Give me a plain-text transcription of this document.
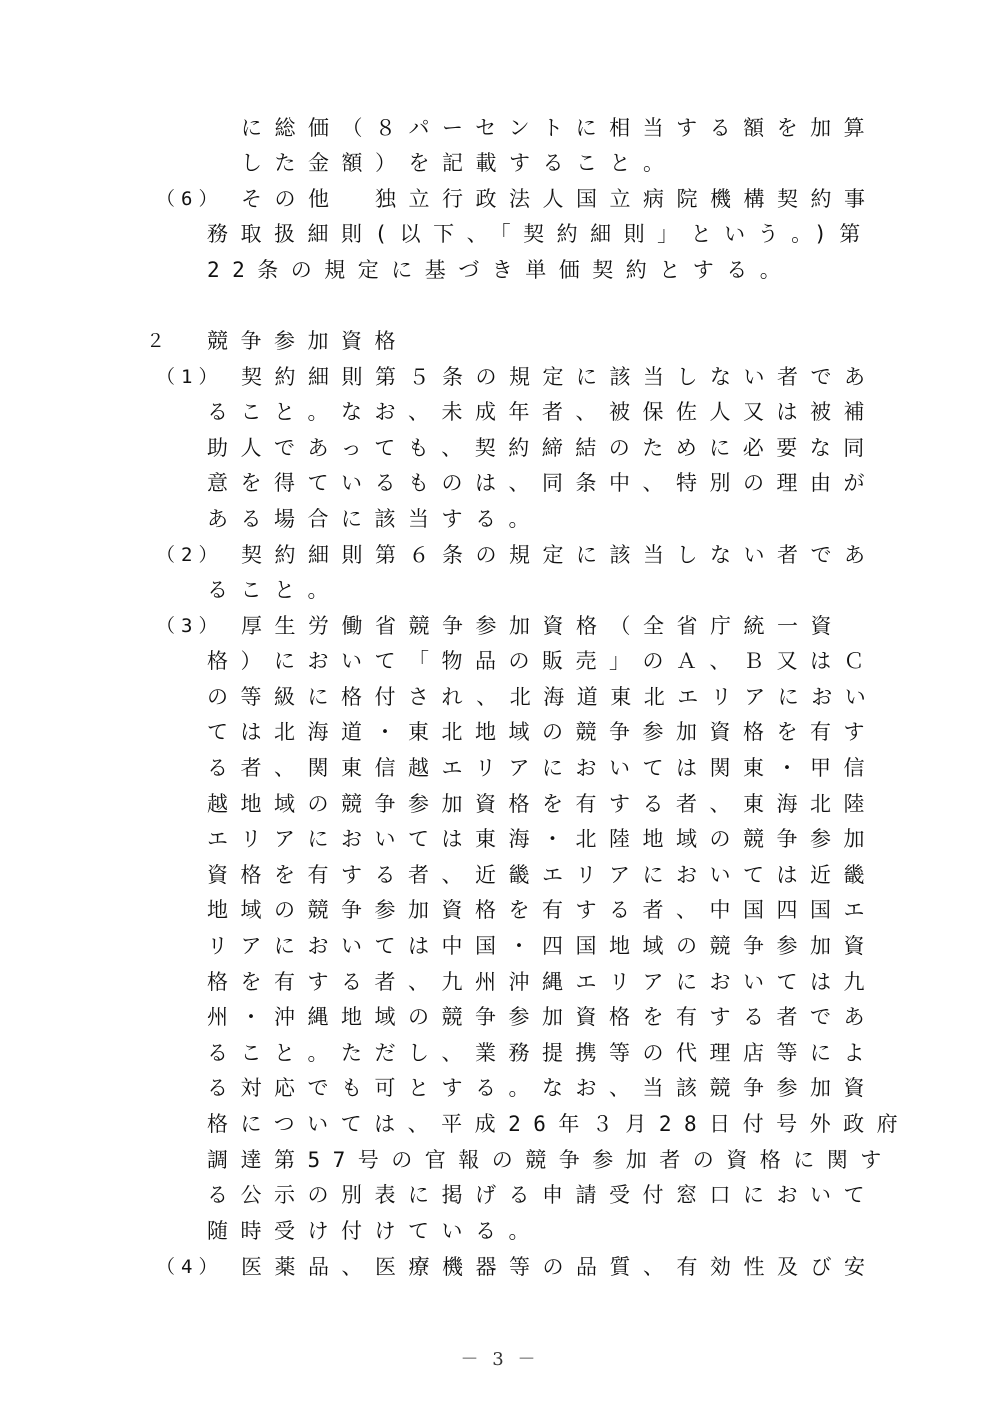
に総価（８パーセントに相当する額を加算
した金額）を記載すること。
（6） その他　独立行政法人国立病院機構契約事
務取扱細則(以下、「契約細則」という。)第
22条の規定に基づき単価契約とする。
２ 競争参加資格
（1） 契約細則第５条の規定に該当しない者であ
ること。なお、未成年者、被保佐人又は被補
助人であっても、契約締結のために必要な同
意を得ているものは、同条中、特別の理由が
ある場合に該当する。
（2） 契約細則第６条の規定に該当しない者であ
ること。
（3） 厚生労働省競争参加資格（全省庁統一資
格）において「物品の販売」のＡ、Ｂ又はＣ
の等級に格付され、北海道東北エリアにおい
ては北海道・東北地域の競争参加資格を有す
る者、関東信越エリアにおいては関東・甲信
越地域の競争参加資格を有する者、東海北陸
エリアにおいては東海・北陸地域の競争参加
資格を有する者、近畿エリアにおいては近畿
地域の競争参加資格を有する者、中国四国エ
リアにおいては中国・四国地域の競争参加資
格を有する者、九州沖縄エリアにおいては九
州・沖縄地域の競争参加資格を有する者であ
ること。ただし、業務提携等の代理店等によ
る対応でも可とする。なお、当該競争参加資
格については、平成26年３月28日付号外政府
調達第57号の官報の競争参加者の資格に関す
る公示の別表に掲げる申請受付窓口において
随時受け付けている。
（4） 医薬品、医療機器等の品質、有効性及び安
－ 3 －
